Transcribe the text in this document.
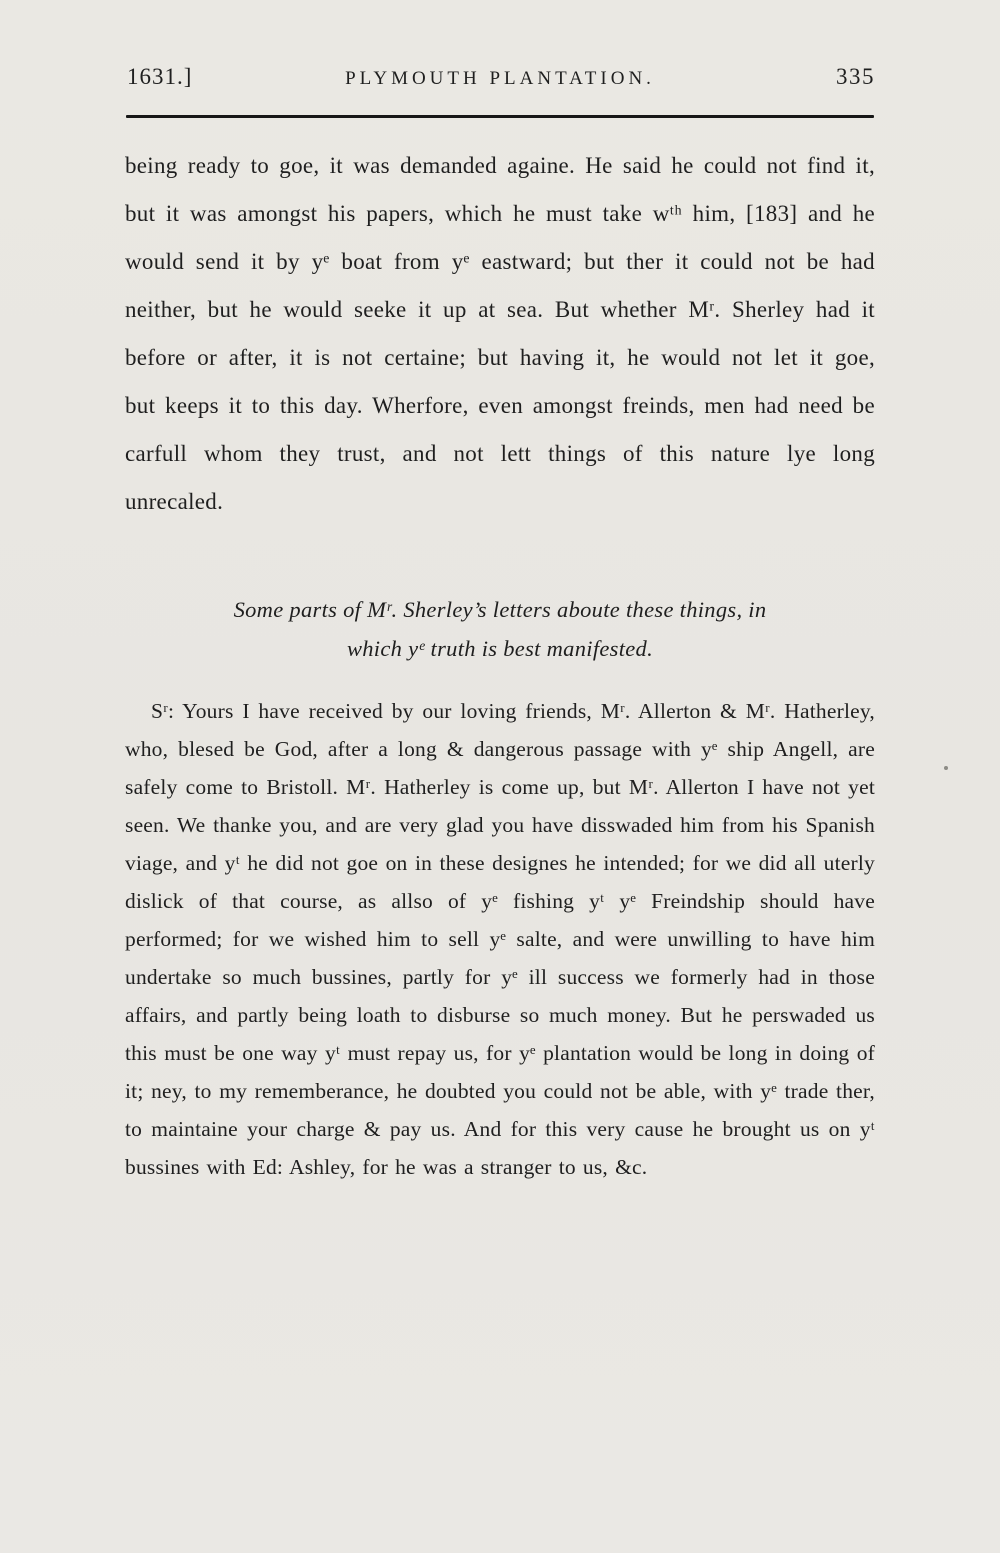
1631.]	PLYMOUTH PLANTATION.	335

being ready to goe, it was demanded againe. He said he could not find it, but it was amongst his papers, which he must take wᵗʰ him, [183] and he would send it by yᵉ boat from yᵉ eastward; but ther it could not be had neither, but he would seeke it up at sea. But whether Mʳ. Sherley had it before or after, it is not certaine; but having it, he would not let it goe, but keeps it to this day. Wherfore, even amongst freinds, men had need be carfull whom they trust, and not lett things of this nature lye long unrecaled.

Some parts of Mʳ. Sherley’s letters aboute these things, in
which yᵉ truth is best manifested.

Sʳ: Yours I have received by our loving friends, Mʳ. Allerton & Mʳ. Hatherley, who, blesed be God, after a long & dangerous passage with yᵉ ship Angell, are safely come to Bristoll. Mʳ. Hatherley is come up, but Mʳ. Allerton I have not yet seen. We thanke you, and are very glad you have disswaded him from his Spanish viage, and yᵗ he did not goe on in these designes he intended; for we did all uterly dislick of that course, as allso of yᵉ fishing yᵗ yᵉ Freindship should have performed; for we wished him to sell yᵉ salte, and were unwilling to have him undertake so much bussines, partly for yᵉ ill success we formerly had in those affairs, and partly being loath to disburse so much money. But he perswaded us this must be one way yᵗ must repay us, for yᵉ plantation would be long in doing of it; ney, to my rememberance, he doubted you could not be able, with yᵉ trade ther, to maintaine your charge & pay us. And for this very cause he brought us on yᵗ bussines with Ed: Ashley, for he was a stranger to us, &c.
